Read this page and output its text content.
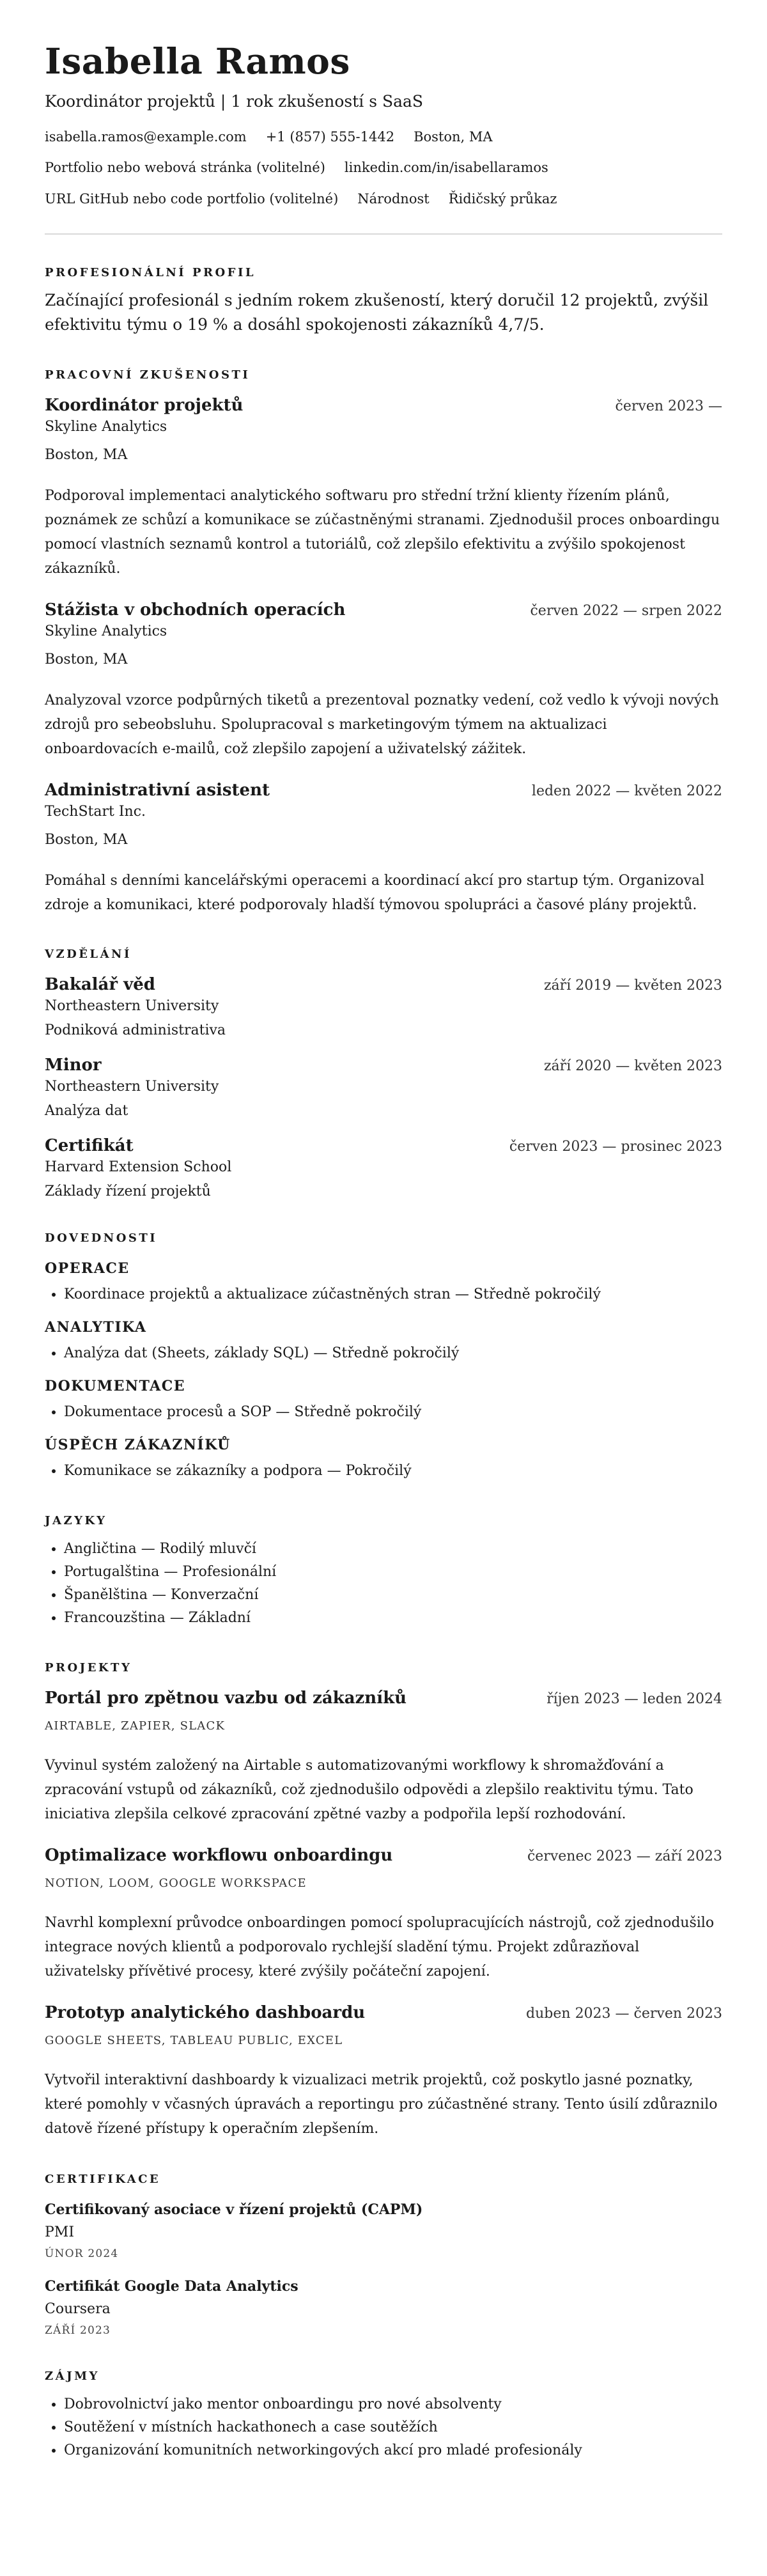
Isabella Ramos
Koordinátor projektů | 1 rok zkušeností s SaaS
isabella.ramos@example.com +1 (857) 555-1442 Boston, MA
Portfolio nebo webová stránka (volitelné) linkedin.com/in/isabellaramos
URL GitHub nebo code portfolio (volitelné) Národnost Řidičský průkaz
PROFESIONÁLNÍ PROFIL
Začínající profesionál s jedním rokem zkušeností, který doručil 12 projektů, zvýšil efektivitu týmu o 19 % a dosáhl spokojenosti zákazníků 4,7/5.
PRACOVNÍ ZKUŠENOSTI
Koordinátor projektů	červen 2023 —
Skyline Analytics
Boston, MA
Podporoval implementaci analytického softwaru pro střední tržní klienty řízením plánů, poznámek ze schůzí a komunikace se zúčastněnými stranami. Zjednodušil proces onboardingu pomocí vlastních seznamů kontrol a tutoriálů, což zlepšilo efektivitu a zvýšilo spokojenost zákazníků.
Stážista v obchodních operacích	červen 2022 — srpen 2022
Skyline Analytics
Boston, MA
Analyzoval vzorce podpůrných tiketů a prezentoval poznatky vedení, což vedlo k vývoji nových zdrojů pro sebeobsluhu. Spolupracoval s marketingovým týmem na aktualizaci onboardovacích e-mailů, což zlepšilo zapojení a uživatelský zážitek.
Administrativní asistent	leden 2022 — květen 2022
TechStart Inc.
Boston, MA
Pomáhal s denními kancelářskými operacemi a koordinací akcí pro startup tým. Organizoval zdroje a komunikaci, které podporovaly hladší týmovou spolupráci a časové plány projektů.
VZDĚLÁNÍ
Bakalář věd	září 2019 — květen 2023
Northeastern University
Podniková administrativa
Minor	září 2020 — květen 2023
Northeastern University
Analýza dat
Certifikát	červen 2023 — prosinec 2023
Harvard Extension School
Základy řízení projektů
DOVEDNOSTI
OPERACE
• Koordinace projektů a aktualizace zúčastněných stran — Středně pokročilý
ANALYTIKA
• Analýza dat (Sheets, základy SQL) — Středně pokročilý
DOKUMENTACE
• Dokumentace procesů a SOP — Středně pokročilý
ÚSPĚCH ZÁKAZNÍKŮ
• Komunikace se zákazníky a podpora — Pokročilý
JAZYKY
• Angličtina — Rodilý mluvčí
• Portugalština — Profesionální
• Španělština — Konverzační
• Francouzština — Základní
PROJEKTY
Portál pro zpětnou vazbu od zákazníků	říjen 2023 — leden 2024
AIRTABLE, ZAPIER, SLACK
Vyvinul systém založený na Airtable s automatizovanými workflowy k shromažďování a zpracování vstupů od zákazníků, což zjednodušilo odpovědi a zlepšilo reaktivitu týmu. Tato iniciativa zlepšila celkové zpracování zpětné vazby a podpořila lepší rozhodování.
Optimalizace workflowu onboardingu	červenec 2023 — září 2023
NOTION, LOOM, GOOGLE WORKSPACE
Navrhl komplexní průvodce onboardingen pomocí spolupracujících nástrojů, což zjednodušilo integrace nových klientů a podporovalo rychlejší sladění týmu. Projekt zdůrazňoval uživatelsky přívětivé procesy, které zvýšily počáteční zapojení.
Prototyp analytického dashboardu	duben 2023 — červen 2023
GOOGLE SHEETS, TABLEAU PUBLIC, EXCEL
Vytvořil interaktivní dashboardy k vizualizaci metrik projektů, což poskytlo jasné poznatky, které pomohly v včasných úpravách a reportingu pro zúčastněné strany. Tento úsilí zdůraznilo datově řízené přístupy k operačním zlepšením.
CERTIFIKACE
Certifikovaný asociace v řízení projektů (CAPM)
PMI
ÚNOR 2024
Certifikát Google Data Analytics
Coursera
ZÁŘÍ 2023
ZÁJMY
• Dobrovolnictví jako mentor onboardingu pro nové absolventy
• Soutěžení v místních hackathonech a case soutěžích
• Organizování komunitních networkingových akcí pro mladé profesionály
